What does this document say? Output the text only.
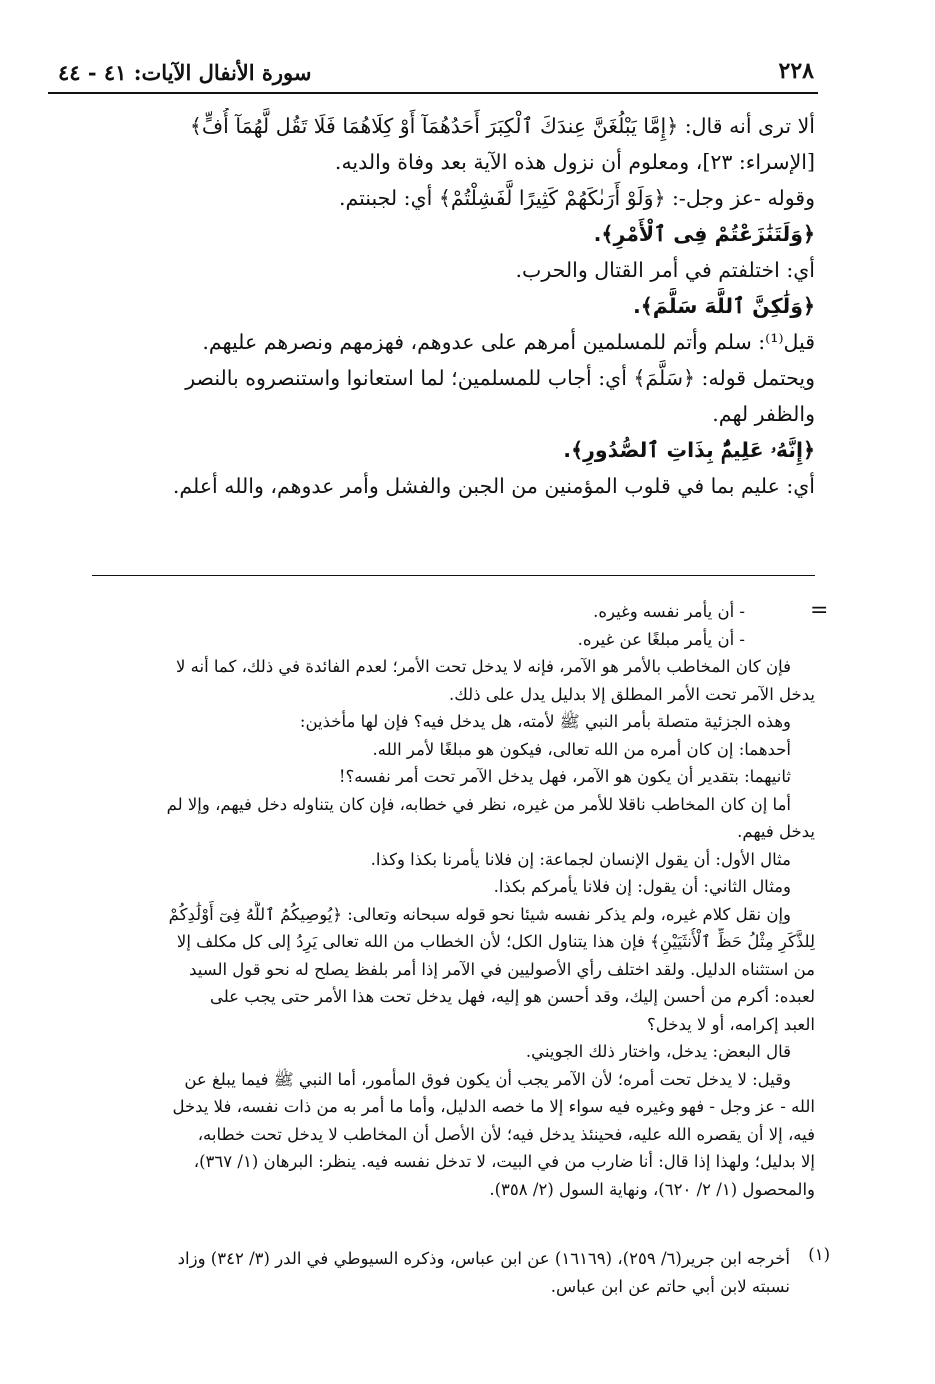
٢٢٨
سورة الأنفال الآيات: ٤١ - ٤٤
ألا ترى أنه قال: ﴿إِمَّا يَبْلُغَنَّ عِندَكَ ٱلْكِبَرَ أَحَدُهُمَآ أَوْ كِلَاهُمَا فَلَا تَقُل لَّهُمَآ أُفٍّ﴾
[الإسراء: ٢٣]، ومعلوم أن نزول هذه الآية بعد وفاة والديه.
وقوله -عز وجل-: ﴿وَلَوْ أَرَىٰكَهُمْ كَثِيرًا لَّفَشِلْتُمْ﴾ أي: لجبنتم.
﴿وَلَتَنَٰزَعْتُمْ فِى ٱلْأَمْرِ﴾.
أي: اختلفتم في أمر القتال والحرب.
﴿وَلَٰكِنَّ ٱللَّهَ سَلَّمَ﴾.
قيل⁽¹⁾: سلم وأتم للمسلمين أمرهم على عدوهم، فهزمهم ونصرهم عليهم.
ويحتمل قوله: ﴿سَلَّمَ﴾ أي: أجاب للمسلمين؛ لما استعانوا واستنصروه بالنصر
والظفر لهم.
﴿إِنَّهُۥ عَلِيمٌۢ بِذَاتِ ٱلصُّدُورِ﴾.
أي: عليم بما في قلوب المؤمنين من الجبن والفشل وأمر عدوهم، والله أعلم.
=
- أن يأمر نفسه وغيره.
- أن يأمر مبلغًا عن غيره.
فإن كان المخاطب بالأمر هو الآمر، فإنه لا يدخل تحت الأمر؛ لعدم الفائدة في ذلك، كما أنه لا
يدخل الآمر تحت الأمر المطلق إلا بدليل يدل على ذلك.
وهذه الجزئية متصلة بأمر النبي ﷺ لأمته، هل يدخل فيه؟ فإن لها مأخذين:
أحدهما: إن كان أمره من الله تعالى، فيكون هو مبلغًا لأمر الله.
ثانيهما: بتقدير أن يكون هو الآمر، فهل يدخل الآمر تحت أمر نفسه؟!
أما إن كان المخاطب ناقلا للأمر من غيره، نظر في خطابه، فإن كان يتناوله دخل فيهم، وإلا لم
يدخل فيهم.
مثال الأول: أن يقول الإنسان لجماعة: إن فلانا يأمرنا بكذا وكذا.
ومثال الثاني: أن يقول: إن فلانا يأمركم بكذا.
وإن نقل كلام غيره، ولم يذكر نفسه شيئا نحو قوله سبحانه وتعالى: ﴿يُوصِيكُمُ ٱللَّهُ فِىٓ أَوْلَٰدِكُمْ
لِلذَّكَرِ مِثْلُ حَظِّ ٱلْأُنثَيَيْنِ﴾ فإن هذا يتناول الكل؛ لأن الخطاب من الله تعالى يَرِدُ إلى كل مكلف إلا
من استثناه الدليل. ولقد اختلف رأي الأصوليين في الآمر إذا أمر بلفظ يصلح له نحو قول السيد
لعبده: أكرم من أحسن إليك، وقد أحسن هو إليه، فهل يدخل تحت هذا الأمر حتى يجب على
العبد إكرامه، أو لا يدخل؟
قال البعض: يدخل، واختار ذلك الجويني.
وقيل: لا يدخل تحت أمره؛ لأن الآمر يجب أن يكون فوق المأمور، أما النبي ﷺ فيما يبلغ عن
الله - عز وجل - فهو وغيره فيه سواء إلا ما خصه الدليل، وأما ما أمر به من ذات نفسه، فلا يدخل
فيه، إلا أن يقصره الله عليه، فحينئذ يدخل فيه؛ لأن الأصل أن المخاطب لا يدخل تحت خطابه،
إلا بدليل؛ ولهذا إذا قال: أنا ضارب من في البيت، لا تدخل نفسه فيه. ينظر: البرهان (١/ ٣٦٧)،
والمحصول (١/ ٢/ ٦٢٠)، ونهاية السول (٢/ ٣٥٨).
(١)
أخرجه ابن جرير(٦/ ٢٥٩)، (١٦١٦٩) عن ابن عباس، وذكره السيوطي في الدر (٣/ ٣٤٢) وزاد
نسبته لابن أبي حاتم عن ابن عباس.
